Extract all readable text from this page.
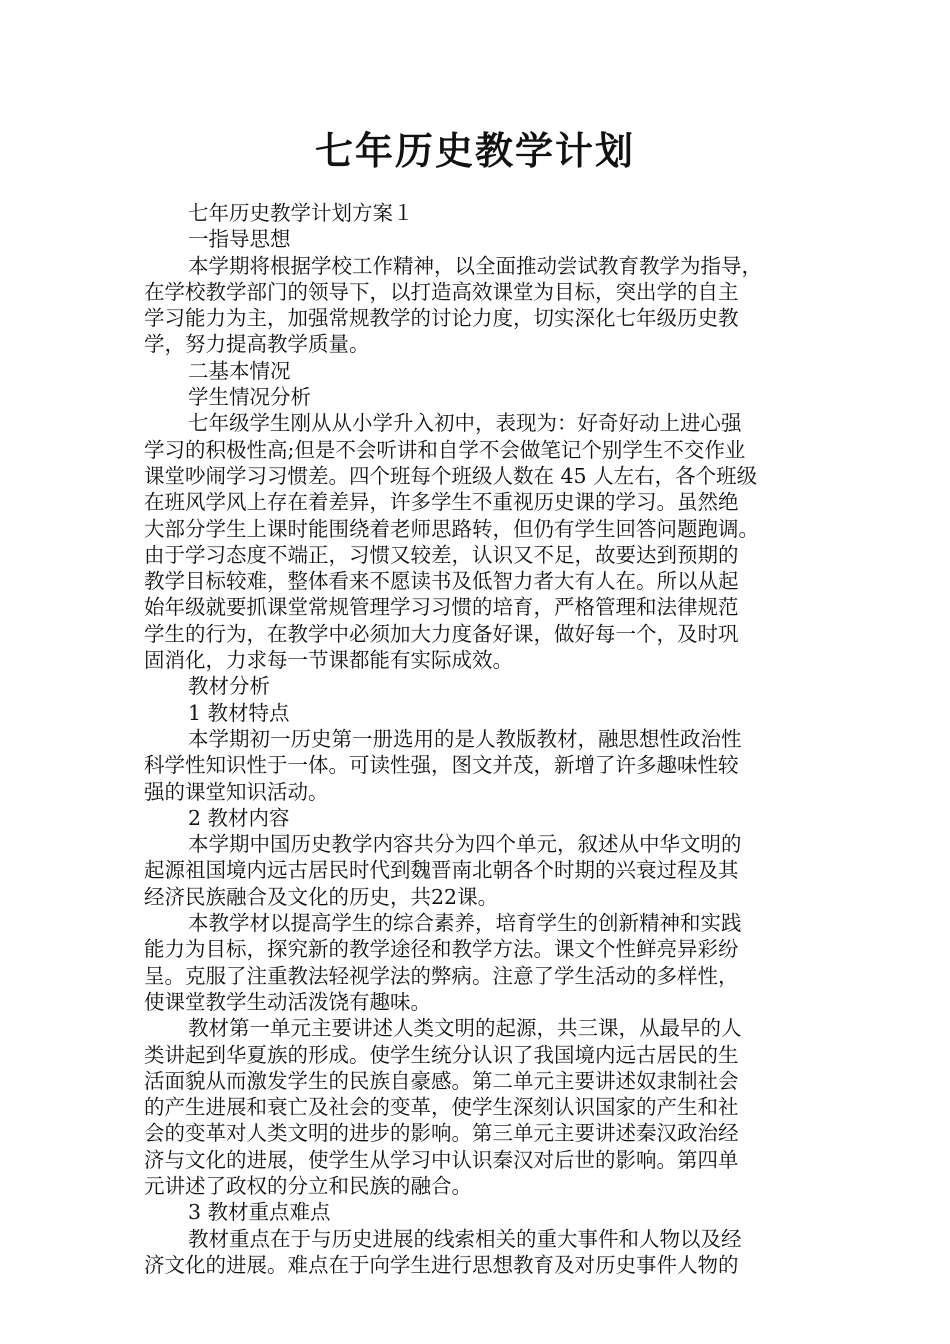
七年历史教学计划
七年历史教学计划方案１
一指导思想
本学期将根据学校工作精神，以全面推动尝试教育教学为指导，
在学校教学部门的领导下，以打造高效课堂为目标，突出学的自主
学习能力为主，加强常规教学的讨论力度，切实深化七年级历史教
学，努力提高教学质量。
二基本情况
学生情况分析
七年级学生刚从从小学升入初中，表现为：好奇好动上进心强
学习的积极性高;但是不会听讲和自学不会做笔记个别学生不交作业
课堂吵闹学习习惯差。四个班每个班级人数在 45 人左右，各个班级
在班风学风上存在着差异，许多学生不重视历史课的学习。虽然绝
大部分学生上课时能围绕着老师思路转，但仍有学生回答问题跑调。
由于学习态度不端正，习惯又较差，认识又不足，故要达到预期的
教学目标较难，整体看来不愿读书及低智力者大有人在。所以从起
始年级就要抓课堂常规管理学习习惯的培育，严格管理和法律规范
学生的行为，在教学中必须加大力度备好课，做好每一个，及时巩
固消化，力求每一节课都能有实际成效。
教材分析
1 教材特点
本学期初一历史第一册选用的是人教版教材，融思想性政治性
科学性知识性于一体。可读性强，图文并茂，新增了许多趣味性较
强的课堂知识活动。
2 教材内容
本学期中国历史教学内容共分为四个单元，叙述从中华文明的
起源祖国境内远古居民时代到魏晋南北朝各个时期的兴衰过程及其
经济民族融合及文化的历史，共22课。
本教学材以提高学生的综合素养，培育学生的创新精神和实践
能力为目标，探究新的教学途径和教学方法。课文个性鲜亮异彩纷
呈。克服了注重教法轻视学法的弊病。注意了学生活动的多样性，
使课堂教学生动活泼饶有趣味。
教材第一单元主要讲述人类文明的起源，共三课，从最早的人
类讲起到华夏族的形成。使学生统分认识了我国境内远古居民的生
活面貌从而激发学生的民族自豪感。第二单元主要讲述奴隶制社会
的产生进展和衰亡及社会的变革，使学生深刻认识国家的产生和社
会的变革对人类文明的进步的影响。第三单元主要讲述秦汉政治经
济与文化的进展，使学生从学习中认识秦汉对后世的影响。第四单
元讲述了政权的分立和民族的融合。
3 教材重点难点
教材重点在于与历史进展的线索相关的重大事件和人物以及经
济文化的进展。难点在于向学生进行思想教育及对历史事件人物的
